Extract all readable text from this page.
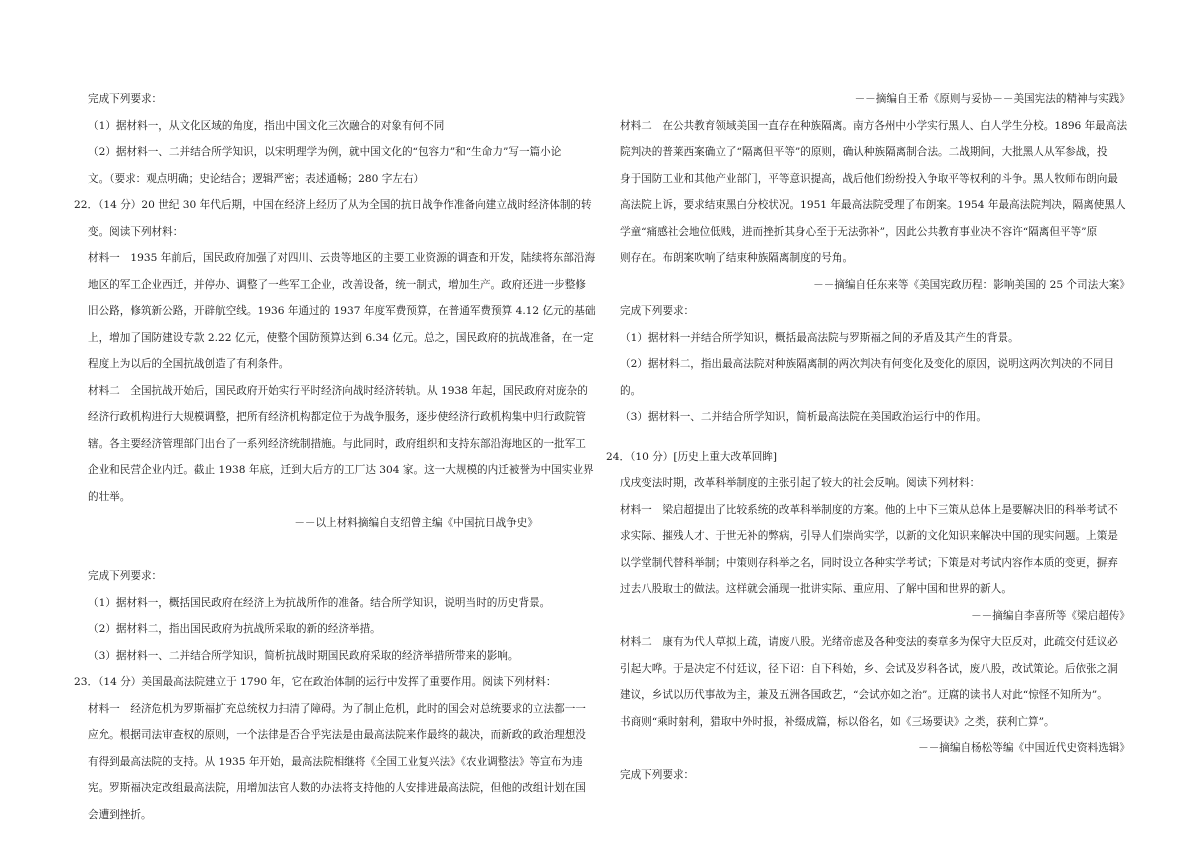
完成下列要求：
（1）据材料一，从文化区域的角度，指出中国文化三次融合的对象有何不同
（2）据材料一、二并结合所学知识，以宋明理学为例，就中国文化的“包容力”和“生命力”写一篇小论
文。（要求：观点明确；史论结合；逻辑严密；表述通畅；280 字左右）
22．（14 分）20 世纪 30 年代后期，中国在经济上经历了从为全国的抗日战争作准备向建立战时经济体制的转
变。阅读下列材料：
材料一　1935 年前后，国民政府加强了对四川、云贵等地区的主要工业资源的调查和开发，陆续将东部沿海
地区的军工企业西迁，并停办、调整了一些军工企业，改善设备，统一制式，增加生产。政府还进一步整修
旧公路，修筑新公路，开辟航空线。1936 年通过的 1937 年度军费预算，在普通军费预算 4.12 亿元的基础
上，增加了国防建设专款 2.22 亿元，使整个国防预算达到 6.34 亿元。总之，国民政府的抗战准备，在一定
程度上为以后的全国抗战创造了有利条件。
材料二　全国抗战开始后，国民政府开始实行平时经济向战时经济转轨。从 1938 年起，国民政府对庞杂的
经济行政机构进行大规模调整，把所有经济机构都定位于为战争服务，逐步使经济行政机构集中归行政院管
辖。各主要经济管理部门出台了一系列经济统制措施。与此同时，政府组织和支持东部沿海地区的一批军工
企业和民营企业内迁。截止 1938 年底，迁到大后方的工厂达 304 家。这一大规模的内迁被誉为中国实业界
的壮举。
－－以上材料摘编自支绍曾主编《中国抗日战争史》
完成下列要求：
（1）据材料一，概括国民政府在经济上为抗战所作的准备。结合所学知识，说明当时的历史背景。
（2）据材料二，指出国民政府为抗战所采取的新的经济举措。
（3）据材料一、二并结合所学知识，简析抗战时期国民政府采取的经济举措所带来的影响。
23．（14 分）美国最高法院建立于 1790 年，它在政治体制的运行中发挥了重要作用。阅读下列材料：
材料一　经济危机为罗斯福扩充总统权力扫清了障碍。为了制止危机，此时的国会对总统要求的立法都一一
应允。根据司法审查权的原则，一个法律是否合乎宪法是由最高法院来作最终的裁决，而新政的政治理想没
有得到最高法院的支持。从 1935 年开始，最高法院相继将《全国工业复兴法》《农业调整法》等宣布为违
宪。罗斯福决定改组最高法院，用增加法官人数的办法将支持他的人安排进最高法院，但他的改组计划在国
会遭到挫折。
－－摘编自王希《原则与妥协－－美国宪法的精神与实践》
材料二　在公共教育领域美国一直存在种族隔离。南方各州中小学实行黑人、白人学生分校。1896 年最高法
院判决的普莱西案确立了“隔离但平等”的原则，确认种族隔离制合法。二战期间，大批黑人从军参战，投
身于国防工业和其他产业部门，平等意识提高，战后他们纷纷投入争取平等权利的斗争。黑人牧师布朗向最
高法院上诉，要求结束黑白分校状况。1951 年最高法院受理了布朗案。1954 年最高法院判决，隔离使黑人
学童“痛感社会地位低贱，进而挫折其身心至于无法弥补”，因此公共教育事业决不容许“隔离但平等”原
则存在。布朗案吹响了结束种族隔离制度的号角。
－－摘编自任东来等《美国宪政历程：影响美国的 25 个司法大案》
完成下列要求：
（1）据材料一并结合所学知识，概括最高法院与罗斯福之间的矛盾及其产生的背景。
（2）据材料二，指出最高法院对种族隔离制的两次判决有何变化及变化的原因，说明这两次判决的不同目
的。
（3）据材料一、二并结合所学知识，简析最高法院在美国政治运行中的作用。
24．（10 分）[历史上重大改革回眸]
戊戌变法时期，改革科举制度的主张引起了较大的社会反响。阅读下列材料：
材料一　梁启超提出了比较系统的改革科举制度的方案。他的上中下三策从总体上是要解决旧的科举考试不
求实际、摧残人才、于世无补的弊病，引导人们崇尚实学，以新的文化知识来解决中国的现实问题。上策是
以学堂制代替科举制；中策则存科举之名，同时设立各种实学考试；下策是对考试内容作本质的变更，摒弃
过去八股取士的做法。这样就会涌现一批讲实际、重应用、了解中国和世界的新人。
－－摘编自李喜所等《梁启超传》
材料二　康有为代人草拟上疏，请废八股。光绪帝虑及各种变法的奏章多为保守大臣反对，此疏交付廷议必
引起大哗。于是决定不付廷议，径下诏：自下科始，乡、会试及岁科各试，废八股，改试策论。后依张之洞
建议，乡试以历代事故为主，兼及五洲各国政艺，“会试亦如之治”。迂腐的读书人对此“惊怪不知所为”。
书商则“乘时射利，猎取中外时报，补缀成篇，标以俗名，如《三场要诀》之类，获利亡算”。
－－摘编自杨松等编《中国近代史资料选辑》
完成下列要求：
